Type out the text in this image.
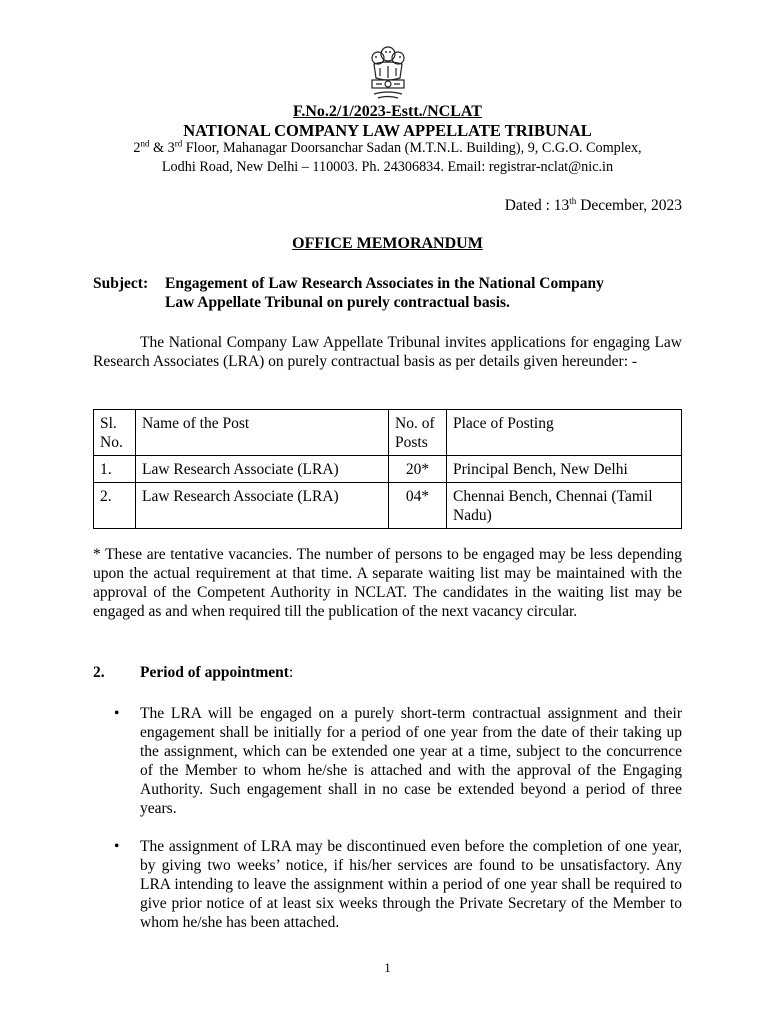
F.No.2/1/2023-Estt./NCLAT
NATIONAL COMPANY LAW APPELLATE TRIBUNAL
2nd & 3rd Floor, Mahanagar Doorsanchar Sadan (M.T.N.L. Building), 9, C.G.O. Complex,
Lodhi Road, New Delhi – 110003. Ph. 24306834. Email: registrar-nclat@nic.in
Dated : 13th December, 2023
OFFICE MEMORANDUM
Subject: Engagement of Law Research Associates in the National Company
Law Appellate Tribunal on purely contractual basis.
The National Company Law Appellate Tribunal invites applications for engaging Law Research Associates (LRA) on purely contractual basis as per details given hereunder: -
Sl. No.	Name of the Post	No. of Posts	Place of Posting
1.	Law Research Associate (LRA)	20*	Principal Bench, New Delhi
2.	Law Research Associate (LRA)	04*	Chennai Bench, Chennai (Tamil Nadu)
* These are tentative vacancies. The number of persons to be engaged may be less depending upon the actual requirement at that time. A separate waiting list may be maintained with the approval of the Competent Authority in NCLAT. The candidates in the waiting list may be engaged as and when required till the publication of the next vacancy circular.
2. Period of appointment:
• The LRA will be engaged on a purely short-term contractual assignment and their engagement shall be initially for a period of one year from the date of their taking up the assignment, which can be extended one year at a time, subject to the concurrence of the Member to whom he/she is attached and with the approval of the Engaging Authority. Such engagement shall in no case be extended beyond a period of three years.
• The assignment of LRA may be discontinued even before the completion of one year, by giving two weeks’ notice, if his/her services are found to be unsatisfactory. Any LRA intending to leave the assignment within a period of one year shall be required to give prior notice of at least six weeks through the Private Secretary of the Member to whom he/she has been attached.
1
